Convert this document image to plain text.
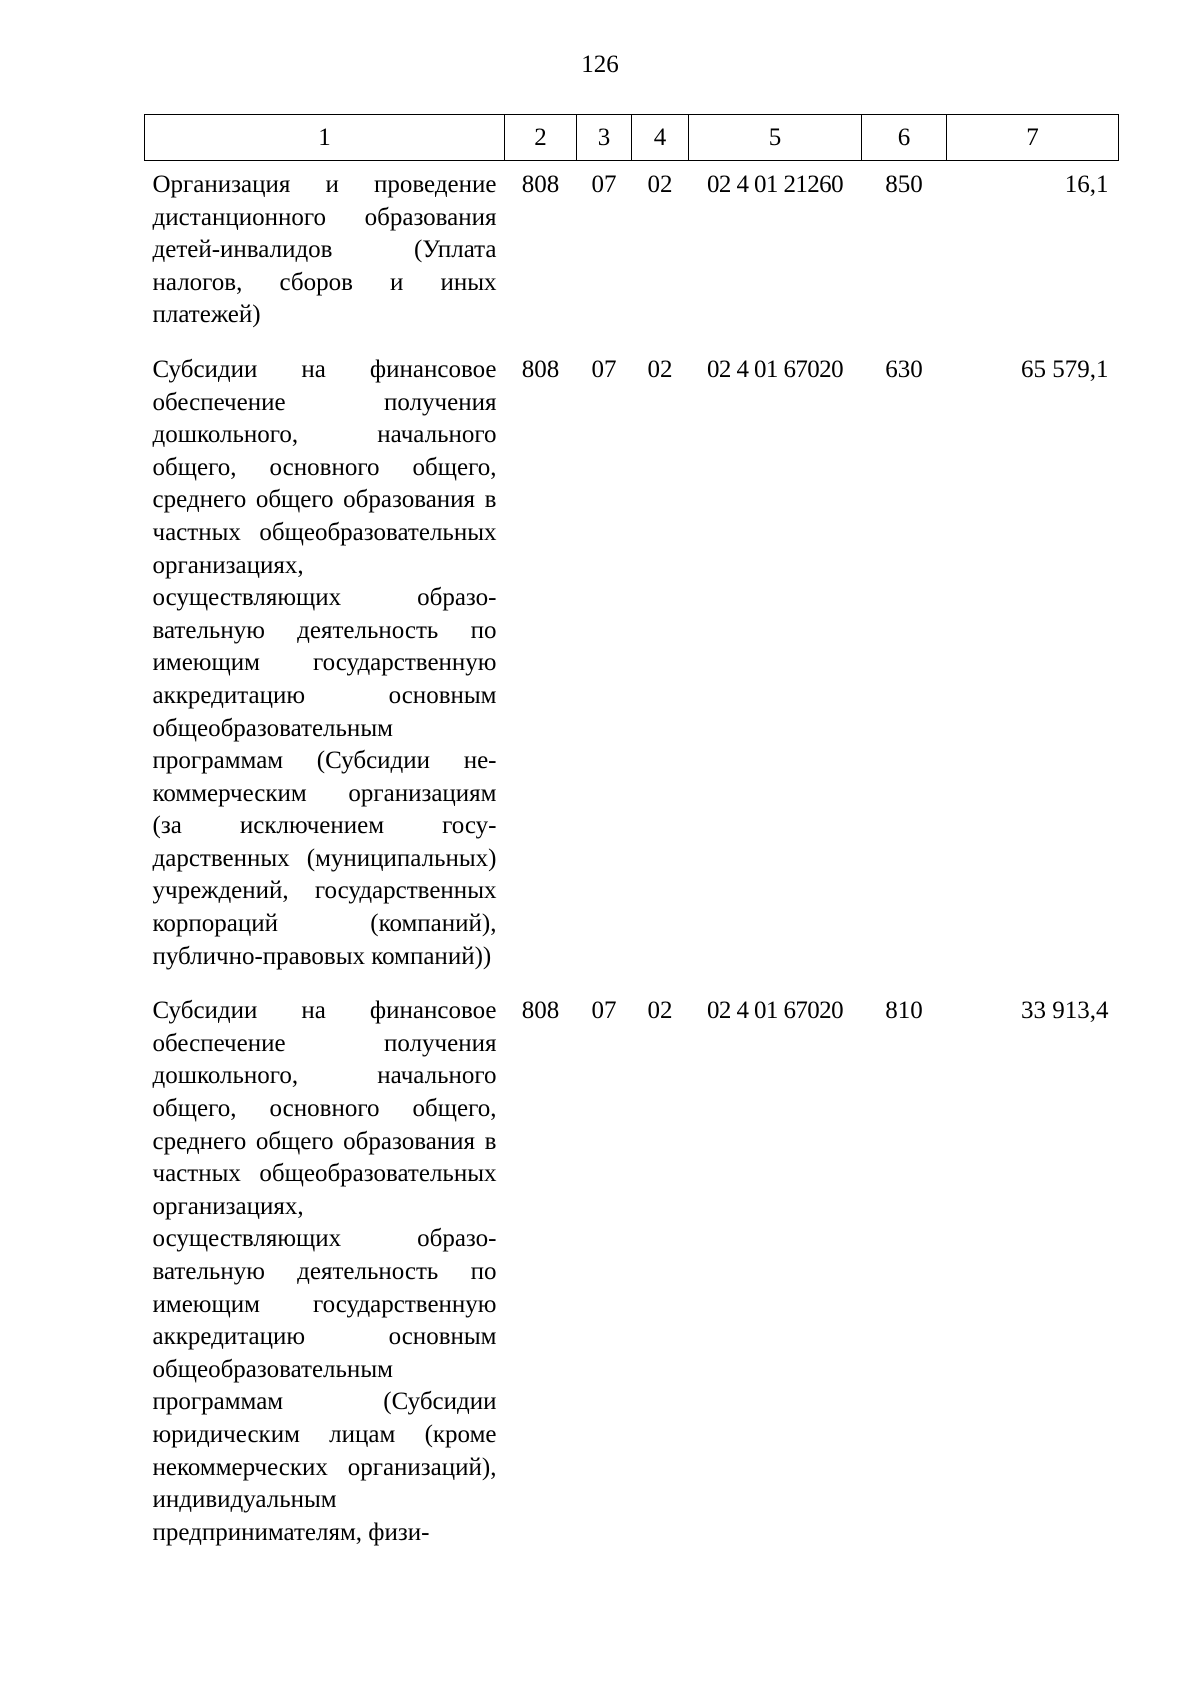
126
1	2	3	4	5	6	7
Организация и проведение дистанционного образования детей-инвалидов (Уплата налогов, сборов и иных платежей)	808	07	02	02 4 01 21260	850	16,1
Субсидии на финансовое обеспечение получения дошкольного, начального общего, основного общего, среднего общего образования в частных общеобразовательных организациях, осуществляющих образовательную деятельность по имеющим государственную аккредитацию основным общеобразовательным программам (Субсидии некоммерческим организациям (за исключением государственных (муниципальных) учреждений, государственных корпораций (компаний), публично-правовых компаний))	808	07	02	02 4 01 67020	630	65 579,1
Субсидии на финансовое обеспечение получения дошкольного, начального общего, основного общего, среднего общего образования в частных общеобразовательных организациях, осуществляющих образовательную деятельность по имеющим государственную аккредитацию основным общеобразовательным программам (Субсидии юридическим лицам (кроме некоммерческих организаций), индивидуальным предпринимателям, физи-	808	07	02	02 4 01 67020	810	33 913,4
